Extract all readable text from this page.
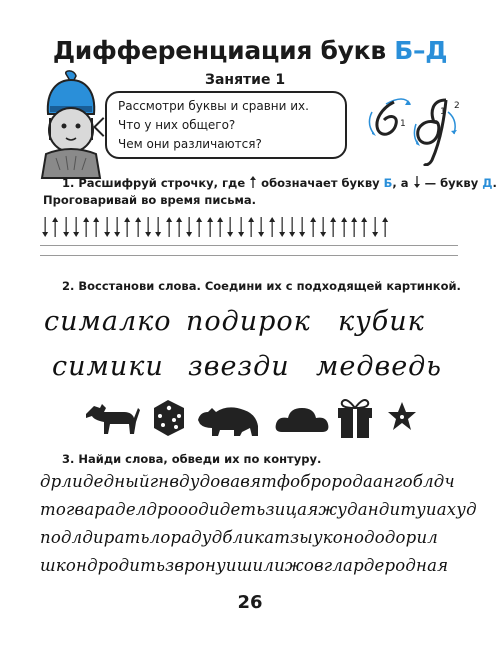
Дифференциация букв Б–Д
Занятие 1
Рассмотри буквы и сравни их.
Что у них общего?
Чем они различаются?
1
1
2
1. Расшифруй строчку, где обозначает букву Б, а — букву Д.
Проговаривай во время письма.
2. Восстанови слова. Соедини их с подходящей картинкой.
сималко подирок кубик
симики звезди медведь
3. Найди слова, обведи их по контуру.
дрлидедныйгнвдудовавятфоброродаангоблдч
тогвараделдрооодидетьзицаяжудандитуиахуд
подлдиратьлорадудбликатзыуконододорил
шкондродитьзвронуишилижовглардеродная
26
